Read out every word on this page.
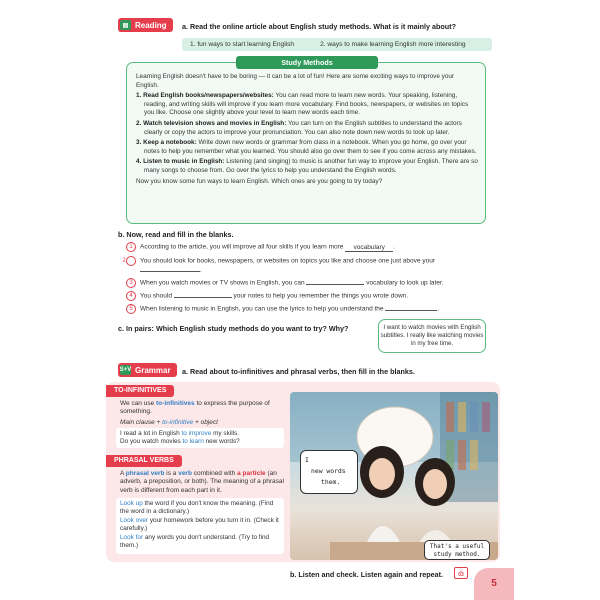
▤ Reading a. Read the online article about English study methods. What is it mainly about?
1. fun ways to start learning English	2. ways to make learning English more interesting
Study Methods

Learning English doesn't have to be boring — it can be a lot of fun! Here are some exciting ways to improve your English.

1. Read English books/newspapers/websites: You can read more to learn new words. Your speaking, listening, reading, and writing skills will improve if you learn more vocabulary. Find books, newspapers, or websites on topics you like. Choose one slightly above your level to learn new words each time.

2. Watch television shows and movies in English: You can turn on the English subtitles to understand the actors clearly or copy the actors to improve your pronunciation. You can also note down new words to look up later.

3. Keep a notebook: Write down new words or grammar from class in a notebook. When you go home, go over your notes to help you remember what you learned. You should also go over them to see if you come across any mistakes.

4. Listen to music in English: Listening (and singing) to music is another fun way to improve your English. There are so many songs to choose from. Go over the lyrics to help you understand the English words.

Now you know some fun ways to learn English. Which ones are you going to try today?

b. Now, read and fill in the blanks.
1 According to the article, you will improve all four skills if you learn more vocabulary .
2 You should look for books, newspapers, or websites on topics you like and choose one just above your .
3 When you watch movies or TV shows in English, you can	vocabulary to look up later.
4 You should	your notes to help you remember the things you wrote down.
5 When listening to music in English, you can use the lyrics to help you understand the	.
c. In pairs: Which English study methods do you want to try? Why?	I want to watch movies with English subtitles. I really like watching movies in my free time.
S+V Grammar a. Read about to-infinitives and phrasal verbs, then fill in the blanks.
TO-INFINITIVES
We can use to-infinitives to express the purpose of something.
Main clause + to-infinitive + object
I read a lot in English to improve my skills.
Do you watch movies to learn new words?
PHRASAL VERBS
A phrasal verb is a verb combined with a particle (an adverb, a preposition, or both). The meaning of a phrasal verb is different from each part in it.
Look up the word if you don't know the meaning. (Find the word in a dictionary.)
Look over your homework before you turn it in. (Check it carefully.)
Look for any words you don't understand. (Try to find them.)
I
new words
them.
That's a useful study method.
b. Listen and check. Listen again and repeat.	♫
03
5
